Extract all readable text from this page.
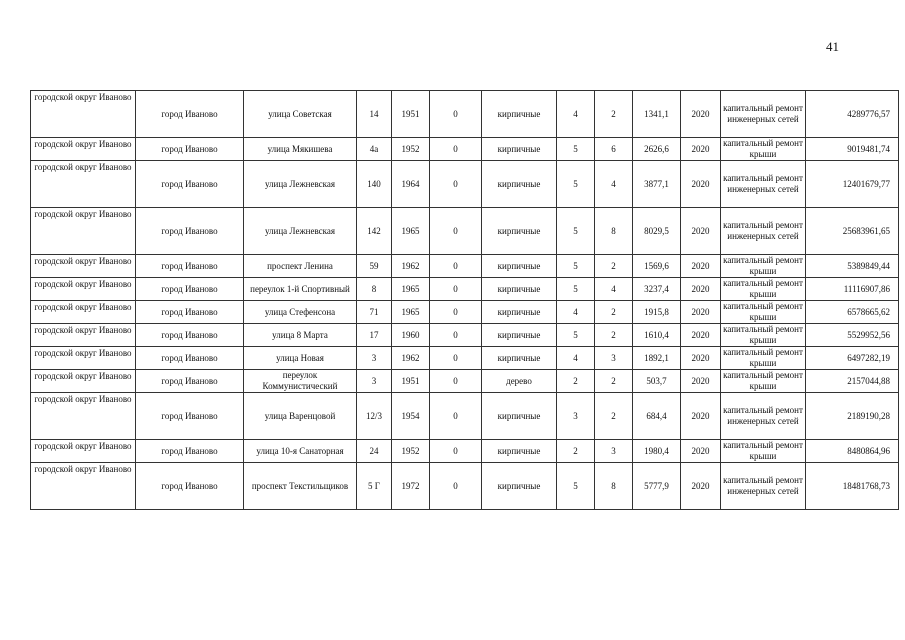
41
городской округ Иваново	город Иваново	улица Советская	14	1951	0	кирпичные	4	2	1341,1	2020	капитальный ремонт инженерных сетей	4289776,57
городской округ Иваново	город Иваново	улица Мякишева	4а	1952	0	кирпичные	5	6	2626,6	2020	капитальный ремонт крыши	9019481,74
городской округ Иваново	город Иваново	улица Лежневская	140	1964	0	кирпичные	5	4	3877,1	2020	капитальный ремонт инженерных сетей	12401679,77
городской округ Иваново	город Иваново	улица Лежневская	142	1965	0	кирпичные	5	8	8029,5	2020	капитальный ремонт инженерных сетей	25683961,65
городской округ Иваново	город Иваново	проспект Ленина	59	1962	0	кирпичные	5	2	1569,6	2020	капитальный ремонт крыши	5389849,44
городской округ Иваново	город Иваново	переулок 1-й Спортивный	8	1965	0	кирпичные	5	4	3237,4	2020	капитальный ремонт крыши	11116907,86
городской округ Иваново	город Иваново	улица Стефенсона	71	1965	0	кирпичные	4	2	1915,8	2020	капитальный ремонт крыши	6578665,62
городской округ Иваново	город Иваново	улица 8 Марта	17	1960	0	кирпичные	5	2	1610,4	2020	капитальный ремонт крыши	5529952,56
городской округ Иваново	город Иваново	улица Новая	3	1962	0	кирпичные	4	3	1892,1	2020	капитальный ремонт крыши	6497282,19
городской округ Иваново	город Иваново	переулок Коммунистический	3	1951	0	дерево	2	2	503,7	2020	капитальный ремонт крыши	2157044,88
городской округ Иваново	город Иваново	улица Варенцовой	12/3	1954	0	кирпичные	3	2	684,4	2020	капитальный ремонт инженерных сетей	2189190,28
городской округ Иваново	город Иваново	улица 10-я Санаторная	24	1952	0	кирпичные	2	3	1980,4	2020	капитальный ремонт крыши	8480864,96
городской округ Иваново	город Иваново	проспект Текстильщиков	5 Г	1972	0	кирпичные	5	8	5777,9	2020	капитальный ремонт инженерных сетей	18481768,73
